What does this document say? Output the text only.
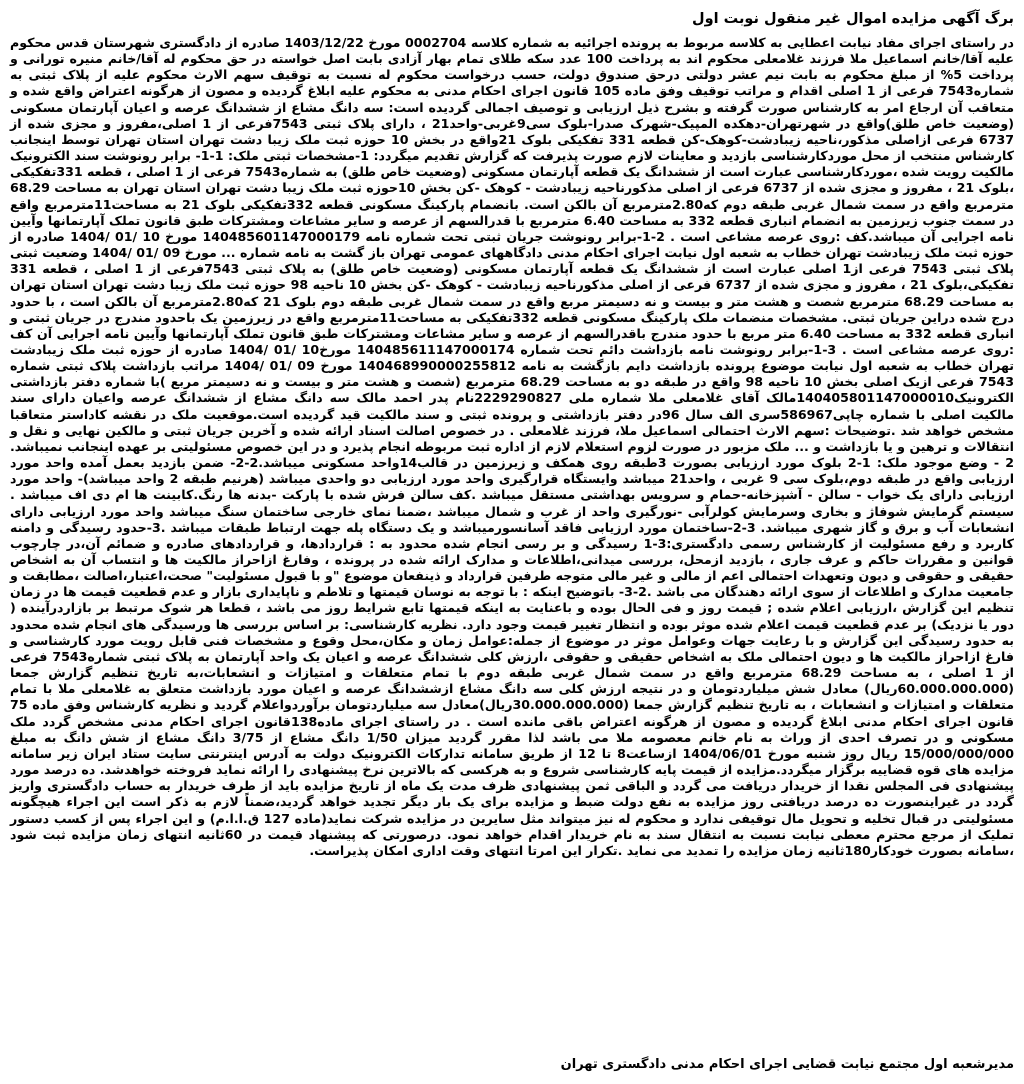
برگ آگهی مزایده اموال غیر منقول نوبت اول

در راستای اجرای مفاد نیابت اعطایی به کلاسه مربوط به پرونده اجرائیه به شماره کلاسه 0002704 مورخ 1403/12/22 صادره از دادگستری شهرستان قدس محکوم علیه آقا/خانم اسماعیل ملا فرزند غلامعلی محکوم اند به پرداخت 100 عدد سکه طلای تمام بهار آزادی بابت اصل خواسته در حق محکوم له آقا/خانم منیره تورانی و پرداخت 5% از مبلغ محکوم به بابت نیم عشر دولتی درحق صندوق دولت، حسب درخواست محکوم له نسبت به توقیف سهم الارث محکوم علیه از پلاک ثبتی به شماره7543 فرعی از 1 اصلی اقدام و مراتب توقیف وفق ماده 105 قانون اجرای احکام مدنی به محکوم علیه ابلاغ گردیده و مصون از هرگونه اعتراض واقع شده و متعاقب آن ارجاع امر به کارشناس صورت گرفته و بشرح ذیل ارزیابی و توصیف اجمالی گردیده است: سه دانگ مشاع از ششدانگ عرصه و اعیان آپارتمان مسکونی (وضعیت خاص طلق)واقع در شهرتهران-دهکده المپیک-شهرک صدرا-بلوک سی9غربی-واحد21 ، دارای پلاک ثبتی 7543فرعی از 1 اصلی،مفروز و مجزی شده از 6737 فرعی ازاصلی مذکور،ناحیه زیبادشت-کوهک-کن قطعه 331 تفکیکی بلوک 21واقع در بخش 10 حوزه ثبت ملک زیبا دشت تهران استان تهران توسط اینجانب کارشناس منتخب از محل موردکارشناسی بازدید و معاینات لازم صورت پذیرفت که گزارش تقدیم میگردد: 1-مشخصات ثبتی ملک: 1-1- برابر رونوشت سند الکترونیک مالکیت رویت شده ،موردکارشناسی عبارت است از ششدانگ یک قطعه آپارتمان مسکونی (وضعیت خاص طلق) به شماره7543 فرعی از 1 اصلی ، قطعه 331تفکیکی ،بلوک 21 ، مفروز و مجزی شده از 6737 فرعی از اصلی مذکورناحیه زیبادشت - کوهک -کن بخش 10حوزه ثبت ملک زیبا دشت تهران استان تهران به مساحت 68.29 مترمربع واقع در سمت شمال غربی طبقه دوم که2.80مترمربع آن بالکن است. بانضمام پارکینگ مسکونی قطعه 332تفکیکی بلوک 21 به مساحت11مترمربع واقع در سمت جنوب زیرزمین به انضمام انباری قطعه 332 به مساحت 6.40 مترمربع با قدرالسهم از عرصه و سایر مشاعات ومشترکات طبق قانون تملک آپارتمانها وآیین نامه اجرایی آن میباشد.کف :روی عرصه مشاعی است . 2-1-برابر رونوشت جریان ثبتی تحت شماره نامه 140485601147000179 مورخ 10 /01 /1404 صادره از حوزه ثبت ملک زیبادشت تهران خطاب به شعبه اول نیابت اجرای احکام مدنی دادگاههای عمومی تهران باز گشت به نامه شماره ... مورخ 09 /01 /1404 وضعیت ثبتی پلاک ثبتی 7543 فرعی از1 اصلی عبارت است از ششدانگ یک قطعه آپارتمان مسکونی (وضعیت خاص طلق) به پلاک ثبتی 7543فرعی از 1 اصلی ، قطعه 331 تفکیکی،بلوک 21 ، مفروز و مجزی شده از 6737 فرعی از اصلی مذکورناحیه زیبادشت - کوهک -کن بخش 10 ناحیه 98 حوزه ثبت ملک زیبا دشت تهران استان تهران به مساحت 68.29 مترمربع شصت و هشت متر و بیست و نه دسیمتر مربع واقع در سمت شمال غربی طبقه دوم بلوک 21 که2.80مترمربع آن بالکن است ، با حدود درج شده دراین جریان ثبتی. مشخصات منضمات ملک پارکینگ مسکونی قطعه 332تفکیکی به مساحت11مترمربع واقع در زیرزمین یک باحدود مندرج در جریان ثبتی و انباری قطعه 332 به مساحت 6.40 متر مربع با حدود مندرج باقدرالسهم از عرصه و سایر مشاعات ومشترکات طبق قانون تملک آپارتمانها وآیین نامه اجرایی آن کف :روی عرصه مشاعی است . 3-1-برابر رونوشت نامه بازداشت دائم تحت شماره 140485611147000174 مورخ10 /01 /1404 صادره از حوزه ثبت ملک زیبادشت تهران خطاب به شعبه اول نیابت موضوع پرونده بازداشت دایم بازگشت به نامه 140468990000255812 مورخ 09 /01 /1404 مراتب بازداشت پلاک ثبتی شماره 7543 فرعی ازیک اصلی بخش 10 ناحیه 98 واقع در طبقه دو به مساحت 68.29 مترمربع (شصت و هشت متر و بیست و نه دسیمتر مربع )با شماره دفتر بازداشتی الکترونیک140405801147000010مالک آقای غلامعلی ملا شماره ملی 2229290827نام پدر احمد مالک سه دانگ مشاع از ششدانگ عرصه واعیان دارای سند مالکیت اصلی با شماره چاپی586967سری الف سال 96در دفتر بازداشتی و پرونده ثبتی و سند مالکیت قید گردیده است.موقعیت ملک در نقشه کاداستر متعاقبا مشخص خواهد شد .توضیحات :سهم الارث احتمالی اسماعیل ملا، فرزند غلامعلی . در خصوص اصالت اسناد ارائه شده و آخرین جریان ثبتی و مالکین نهایی و نقل و انتقالات و ترهین و یا بازداشت و ... ملک مزبور در صورت لزوم استعلام لازم از اداره ثبت مربوطه انجام پذیرد و در این خصوص مسئولیتی بر عهده اینجانب نمیباشد. 2 - وضع موجود ملک: 1-2 بلوک مورد ارزیابی بصورت 3طبقه روی همکف و زیرزمین در قالب14واحد مسکونی میباشد.2-2- ضمن بازدید بعمل آمده واحد مورد ارزیابی واقع در طبقه دوم،بلوک سی 9 غربی ، واحد21 میباشد وایستگاه قرارگیری واحد مورد ارزیابی دو واحدی میباشد (هرنیم طبقه 2 واحد میباشد)- واحد مورد ارزیابی دارای یک خواب - سالن - آشپزخانه-حمام و سرویس بهداشتی مستقل میباشد .کف سالن فرش شده با پارکت -بدنه ها رنگ.کابینت ها ام دی اف میباشد . سیستم گرمایش شوفاژ و بخاری وسرمایش کولرآبی -نورگیری واحد از غرب و شمال میباشد ،ضمنا نمای خارجی ساختمان سنگ میباشد واحد مورد ارزیابی دارای انشعابات آب و برق و گاز شهری میباشد. 3-2-ساختمان مورد ارزیابی فاقد آسانسورمیباشد و یک دستگاه پله جهت ارتباط طبقات میباشد .3-حدود رسیدگی و دامنه کاربرد و رفع مسئولیت از کارشناس رسمی دادگستری:3-1 رسیدگی و بر رسی انجام شده محدود به : قراردادها، و قراردادهای صادره و ضمائم آن،در چارچوب قوانین و مقررات حاکم و عرف جاری ، بازدید ازمحل، بررسی میدانی،اطلاعات و مدارک ارائه شده در پرونده ، وفارغ ازاحراز مالکیت ها و انتساب آن به اشخاص حقیقی و حقوقی و دیون وتعهدات احتمالی اعم از مالی و غیر مالی متوجه طرفین قرارداد و ذینفعان موضوع "و با قبول مسئولیت" صحت،اعتبار،اصالت ،مطابقت و جامعیت مدارک و اطلاعات از سوی ارائه دهندگان می باشد .2-3- باتوضیح اینکه : با توجه به نوسان قیمتها و تلاطم و ناپایداری بازار و عدم قطعیت قیمت ها در زمان تنظیم این گزارش ،ارزیابی اعلام شده ; قیمت روز و فی الحال بوده و باعنایت به اینکه قیمتها تابع شرایط روز می باشد ، قطعا هر شوک مرتبط بر بازاردرآینده ( دور یا نزدیک) بر عدم قطعیت قیمت اعلام شده موثر بوده و انتظار تغییر قیمت وجود دارد. نظریه کارشناسی: بر اساس بررسی ها ورسیدگی های انجام شده محدود به حدود رسیدگی این گزارش و با رعایت جهات وعوامل موثر در موضوع از جمله:عوامل زمان و مکان،محل وقوع و مشخصات فنی قابل رویت مورد کارشناسی و فارغ ازاحراز مالکیت ها و دیون احتمالی ملک به اشخاص حقیقی و حقوقی ،ارزش کلی ششدانگ عرصه و اعیان یک واحد آپارتمان به پلاک ثبتی شماره7543 فرعی از 1 اصلی ، به مساحت 68.29 مترمربع واقع در سمت شمال غربی طبقه دوم با تمام متعلقات و امتیازات و انشعابات،به تاریخ تنظیم گزارش جمعا (60.000.000.000ریال) معادل شش میلیاردتومان و در نتیجه ارزش کلی سه دانگ مشاع ازششدانگ عرصه و اعیان مورد بازداشت متعلق به غلامعلی ملا با تمام متعلقات و امتیازات و انشعابات ، به تاریخ تنظیم گزارش جمعا (30.000.000.000ریال)معادل سه میلیاردتومان برآوردواعلام گردید و نظریه کارشناس وفق ماده 75 قانون اجرای احکام مدنی ابلاغ گردیده و مصون از هرگونه اعتراض باقی مانده است . در راستای اجرای ماده138قانون اجرای احکام مدنی مشخص گردد ملک مسکونی و در تصرف احدی از وراث به نام خانم معصومه ملا می باشد لذا مقرر گردید میزان 1/50 دانگ مشاع از 3/75 دانگ مشاع از شش دانگ به مبلغ 15/000/000/000 ریال روز شنبه مورخ 1404/06/01 ازساعت8 تا 12 از طریق سامانه تدارکات الکترونیک دولت به آدرس اینترنتی سایت ستاد ایران زیر سامانه مزایده های قوه قضاییه برگزار میگردد.مزایده از قیمت پایه کارشناسی شروع و به هرکسی که بالاترین نرخ پیشنهادی را ارائه نماید فروخته خواهدشد. ده درصد مورد پیشنهادی فی المجلس نقدا از خریدار دریافت می گردد و الباقی ثمن پیشنهادی ظرف مدت یک ماه از تاریخ مزایده باید از طرف خریدار به حساب دادگستری واریز گردد در غیراینصورت ده درصد دریافتی روز مزایده به نفع دولت ضبط و مزایده برای یک بار دیگر تجدید خواهد گردید،ضمناً لازم به ذکر است این اجراء هیچگونه مسئولیتی در قبال تخلیه و تحویل مال توقیفی ندارد و محکوم له نیز میتواند مثل سایرین در مزایده شرکت نماید(ماده 127 ق.ا.ا.م) و این اجراء پس از کسب دستور تملیک از مرجع محترم معطی نیابت نسبت به انتقال سند به نام خریدار اقدام خواهد نمود. درصورتی که پیشنهاد قیمت در 60ثانیه انتهای زمان مزایده ثبت شود ،سامانه بصورت خودکار180ثانیه زمان مزایده را تمدید می نماید .تکرار این امرتا انتهای وقت اداری امکان پذیراست.

مدیرشعبه اول مجتمع نیابت قضایی اجرای احکام مدنی دادگستری تهران
